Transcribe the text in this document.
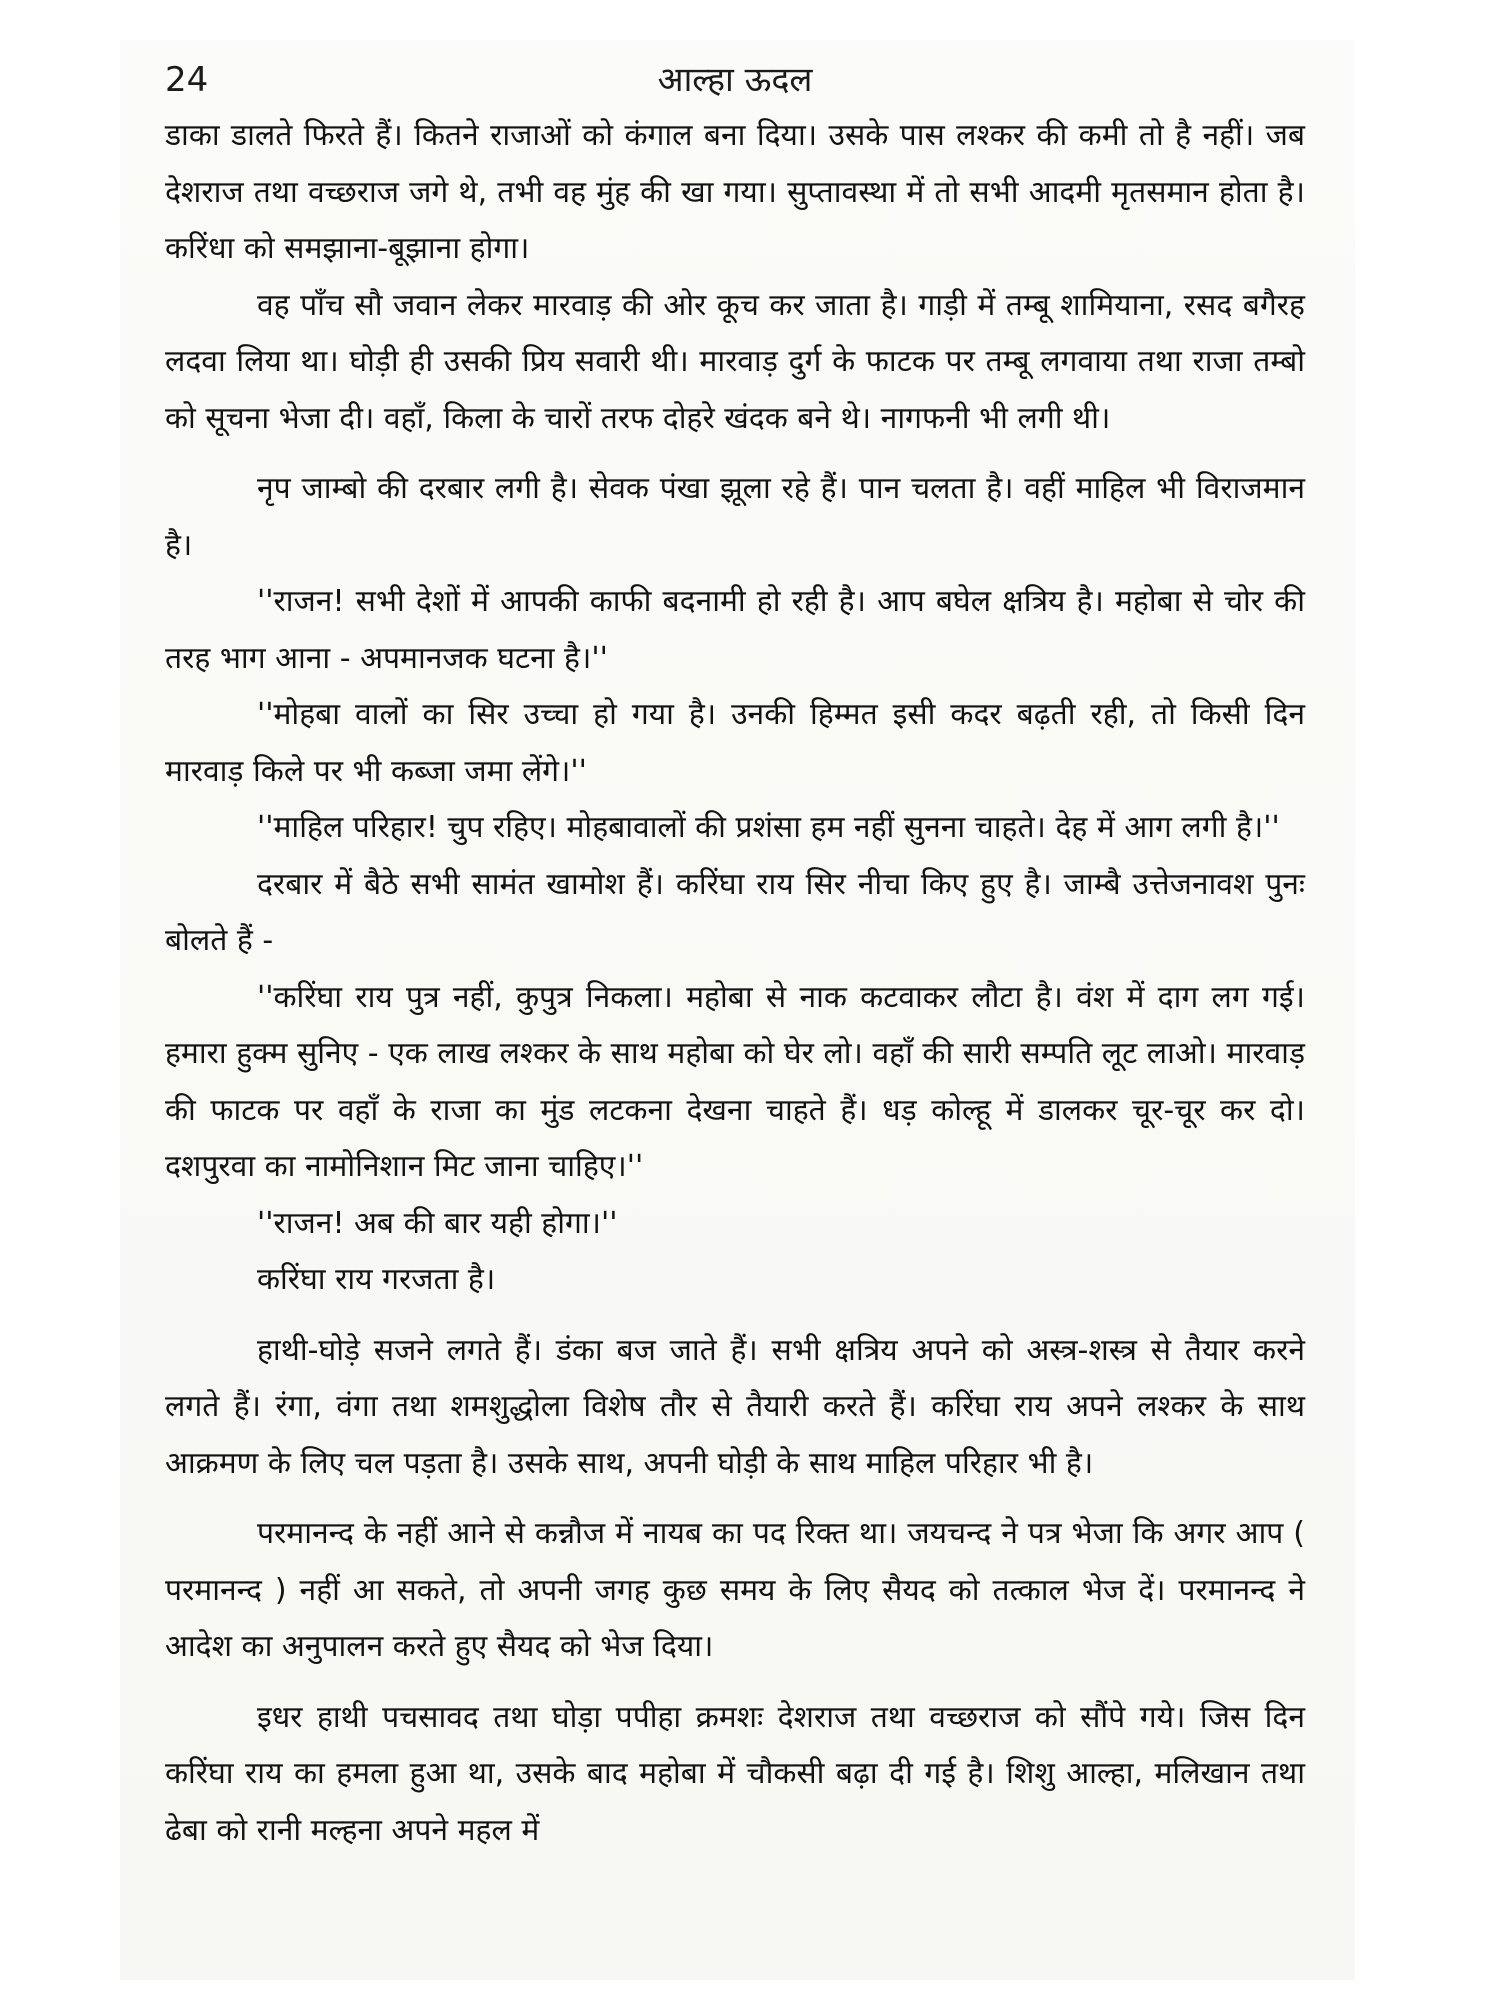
24	आल्हा ऊदल

डाका डालते फिरते हैं। कितने राजाओं को कंगाल बना दिया। उसके पास लश्कर की कमी तो है नहीं। जब देशराज तथा वच्छराज जगे थे, तभी वह मुंह की खा गया। सुप्तावस्था में तो सभी आदमी मृतसमान होता है। करिंधा को समझाना-बूझाना होगा।

वह पाँच सौ जवान लेकर मारवाड़ की ओर कूच कर जाता है। गाड़ी में तम्बू शामियाना, रसद बगैरह लदवा लिया था। घोड़ी ही उसकी प्रिय सवारी थी। मारवाड़ दुर्ग के फाटक पर तम्बू लगवाया तथा राजा तम्बो को सूचना भेजा दी। वहाँ, किला के चारों तरफ दोहरे खंदक बने थे। नागफनी भी लगी थी।

नृप जाम्बो की दरबार लगी है। सेवक पंखा झूला रहे हैं। पान चलता है। वहीं माहिल भी विराजमान है।

''राजन! सभी देशों में आपकी काफी बदनामी हो रही है। आप बघेल क्षत्रिय है। महोबा से चोर की तरह भाग आना - अपमानजक घटना है।''

''मोहबा वालों का सिर उच्चा हो गया है। उनकी हिम्मत इसी कदर बढ़ती रही, तो किसी दिन मारवाड़ किले पर भी कब्जा जमा लेंगे।''

''माहिल परिहार! चुप रहिए। मोहबावालों की प्रशंसा हम नहीं सुनना चाहते। देह में आग लगी है।''

दरबार में बैठे सभी सामंत खामोश हैं। करिंघा राय सिर नीचा किए हुए है। जाम्बै उत्तेजनावश पुनः बोलते हैं -

''करिंघा राय पुत्र नहीं, कुपुत्र निकला। महोबा से नाक कटवाकर लौटा है। वंश में दाग लग गई। हमारा हुक्म सुनिए - एक लाख लश्कर के साथ महोबा को घेर लो। वहाँ की सारी सम्पति लूट लाओ। मारवाड़ की फाटक पर वहाँ के राजा का मुंड लटकना देखना चाहते हैं। धड़ कोल्हू में डालकर चूर-चूर कर दो। दशपुरवा का नामोनिशान मिट जाना चाहिए।''

''राजन! अब की बार यही होगा।''

करिंघा राय गरजता है।

हाथी-घोड़े सजने लगते हैं। डंका बज जाते हैं। सभी क्षत्रिय अपने को अस्त्र-शस्त्र से तैयार करने लगते हैं। रंगा, वंगा तथा शमशुद्धोला विशेष तौर से तैयारी करते हैं। करिंघा राय अपने लश्कर के साथ आक्रमण के लिए चल पड़ता है। उसके साथ, अपनी घोड़ी के साथ माहिल परिहार भी है।

परमानन्द के नहीं आने से कन्नौज में नायब का पद रिक्त था। जयचन्द ने पत्र भेजा कि अगर आप ( परमानन्द ) नहीं आ सकते, तो अपनी जगह कुछ समय के लिए सैयद को तत्काल भेज दें। परमानन्द ने आदेश का अनुपालन करते हुए सैयद को भेज दिया।

इधर हाथी पचसावद तथा घोड़ा पपीहा क्रमशः देशराज तथा वच्छराज को सौंपे गये। जिस दिन करिंघा राय का हमला हुआ था, उसके बाद महोबा में चौकसी बढ़ा दी गई है। शिशु आल्हा, मलिखान तथा ढेबा को रानी मल्हना अपने महल में
